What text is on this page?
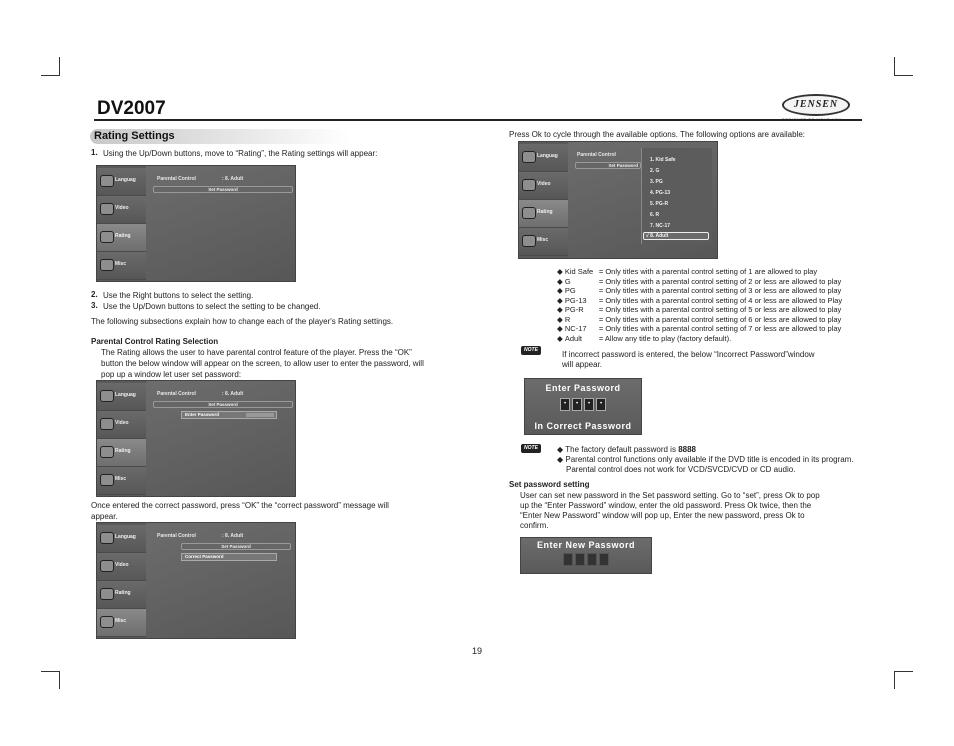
DV2007	JENSEN
Rating Settings
1. Using the Up/Down buttons, move to “Rating”, the Rating settings will appear:
Languag
Video
Rating
Misc
Parental Control	: 8. Adult
Set Password
2. Use the Right buttons to select the setting.
3. Use the Up/Down buttons to select the setting to be changed.
The following subsections explain how to change each of the player's Rating settings.
Parental Control Rating Selection
The Rating allows the user to have parental control feature of the player. Press the “OK”
button the below window will appear on the screen, to allow user to enter the password, will
pop up a window let user set password:
Languag
Video
Rating
Misc
Parental Control	: 8. Adult
Set Password
Enter Password
Once entered the correct password, press “OK” the “correct password” message will
appear.
Languag
Video
Rating
Misc
Parental Control	: 8. Adult
Set Password
Correct Password
Press Ok to cycle through the available options. The following options are available:
Languag
Video
Rating
Misc
Parental Control
Set Password
1. Kid Safe
2. G
3. PG
4. PG-13
5. PG-R
6. R
7. NC-17
√ 8. Adult
◆ Kid Safe = Only titles with a parental control setting of 1 are allowed to play
◆ G	= Only titles with a parental control setting of 2 or less are allowed to play
◆ PG	= Only titles with a parental control setting of 3 or less are allowed to play
◆ PG-13 = Only titles with a parental control setting of 4 or less are allowed to Play
◆ PG-R = Only titles with a parental control setting of 5 or less are allowed to play
◆ R	= Only titles with a parental control setting of 6 or less are allowed to play
◆ NC-17 = Only titles with a parental control setting of 7 or less are allowed to play
◆ Adult = Allow any title to play (factory default).
NOTE	If incorrect password is entered, the below “Incorrect Password”window
will appear.
Enter Password
•	•	•	•
In Correct Password
NOTE	◆ The factory default password is 8888
◆ Parental control functions only available if the DVD title is encoded in its program.
Parental control does not work for VCD/SVCD/CVD or CD audio.
Set password setting
User can set new password in the Set password setting. Go to “set”, press Ok to pop
up the “Enter Password” window, enter the old password. Press Ok twice, then the
“Enter New Password” window will pop up, Enter the new password, press Ok to
confirm.
Enter New Password
19
